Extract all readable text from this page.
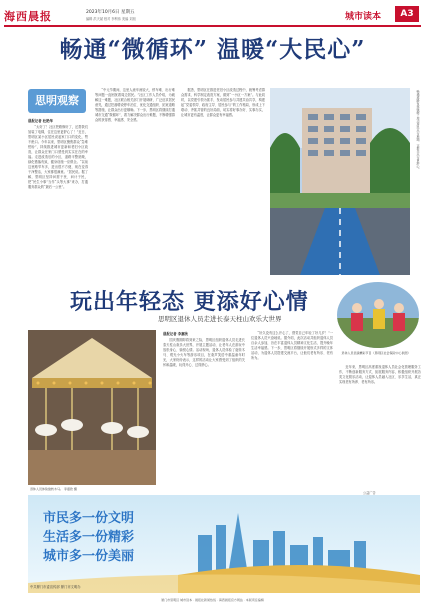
海西晨报	2023年10月6日 星期五
编辑 洪天斌 校对 李利伟 美编 刘旭	城市读本	A3
畅通“微循环” 温暖“大民心”
思明观察
晨报记者 杜艳华

“太好了！社区把路修好了，还帮我们加装了电梯，住在这里更舒心了！”近日，思明区某小区居民说起家门口的变化，赞不绝口。今年以来，思明区聚焦群众“急难愁盼”，持续推进城市更新和老旧小区改造，让群众在家门口感受到实实在在的幸福。走进改造后的小区，道路平整宽敞，绿化错落有致，健身设施一应俱全。“以前这里路窄车多，进出很不方便，现在变得干净整洁，大家都很满意。”居民说。据了解，思明区坚持问需于民、问计于民，把“民生小事”当作“头等大事”来办，打通服务群众的“最后一公里”。

“中元节期间，这里人流车流较大，停车难、出行难等问题一直困扰着周边居民。”社区工作人员介绍，为破解这一难题，社区联合相关部门开展调研，广泛征求居民意见，通过挖潜增设停车泊位、优化交通组织、拓宽道路等措施，让群众出行更顺畅。下一步，思明区将继续打通城市交通“微循环”，着力解决群众出行难题，不断增强群众的获得感、幸福感、安全感。

据悉，思明区在推进老旧小区改造过程中，统筹考虑群众需求，科学制定改造方案，做到“一小区一方案”。与此同时，以党建引领为抓手，发动居民参与共建共治共享，构建起“党委领导、政府主导、居民参与”的工作格局，形成上下联动、齐抓共管的良好局面，切实将好事办好、实事办实，让城市更有温度，让群众更有幸福感。	畅通道路有效缓解了周边居民出行难题，让群众出行更舒心。
玩出年轻态 更添好心情
思明区退休人员走进长泰天柱山欢乐大世界
退休人员表演精彩节目（思明区社会保险中心供图）
退休人员体验旋转木马。 李嘉欣 摄
晨报记者 李嘉欣

国庆假期即将到来之际，思明区组织退休人员走进长泰天柱山欢乐大世界，开展主题活动，让老年人在游玩中放松身心、愉悦心情。活动现场，退休人员体验了旋转木马、观光小火车等游乐项目，在欢声笑语中重温童年时光，大家纷纷表示，这样的活动让大家感受到了组织的关怀和温暖，玩得开心、过得舒心。

“好久没有这么开心了，感觉自己年轻了好几岁！”一位退休人员兴奋地说。据介绍，此次活动共组织退休人员百余人参加，旨在丰富退休人员精神文化生活，提升晚年生活幸福感。下一步，思明区将继续开展形式多样的文体活动，为退休人员搭建交流平台，让他们老有所乐、老有所为。

近年来，思明区高度重视退休人员社会化管理服务工作，不断创新服务方式、拓展服务内容，积极组织开展各类文化娱乐活动，让退休人员融入社区、乐享生活，真正实现老有所养、老有所乐。

公益广告
市民多一份文明
生活多一份精彩
城市多一份美丽
中共厦门市委宣传部 厦门市文明办
厦门市思明区 城市读本 · 晨报社新闻热线 · 海西晨报官方网站 · 本版责任编辑
